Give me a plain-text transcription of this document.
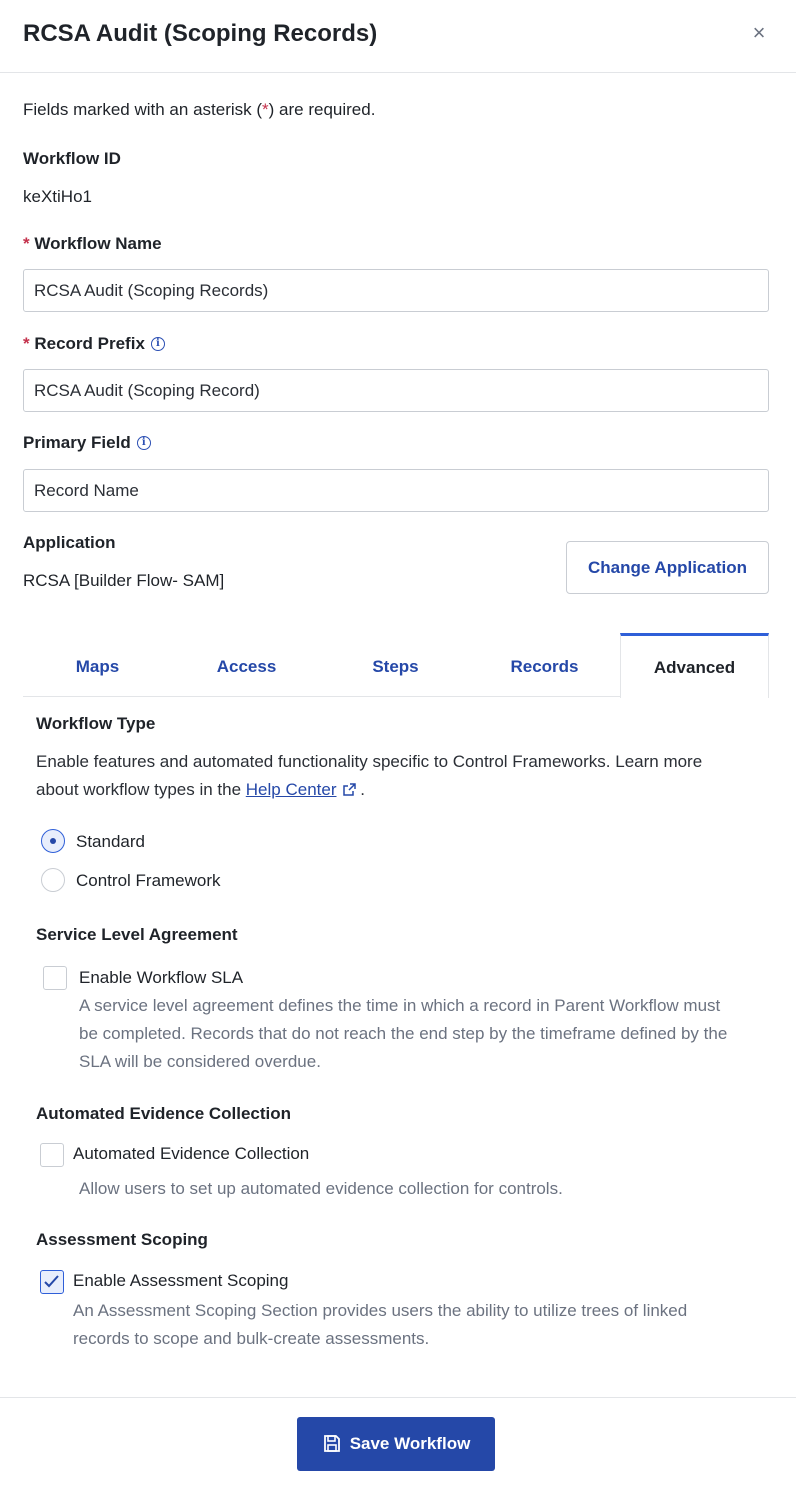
RCSA Audit (Scoping Records)	×
Fields marked with an asterisk (*) are required.
Workflow ID
keXtiHo1
* Workflow Name
RCSA Audit (Scoping Records)
* Record Prefix i
RCSA Audit (Scoping Record)
Primary Field i
Record Name
Application
RCSA [Builder Flow- SAM]
Change Application
Maps	Access	Steps	Records	Advanced
Workflow Type
Enable features and automated functionality specific to Control Frameworks. Learn more
about workflow types in the Help Center .
Standard
Control Framework
Service Level Agreement
Enable Workflow SLA
A service level agreement defines the time in which a record in Parent Workflow must
be completed. Records that do not reach the end step by the timeframe defined by the
SLA will be considered overdue.
Automated Evidence Collection
Automated Evidence Collection
Allow users to set up automated evidence collection for controls.
Assessment Scoping
Enable Assessment Scoping
An Assessment Scoping Section provides users the ability to utilize trees of linked
records to scope and bulk-create assessments.
Save Workflow
